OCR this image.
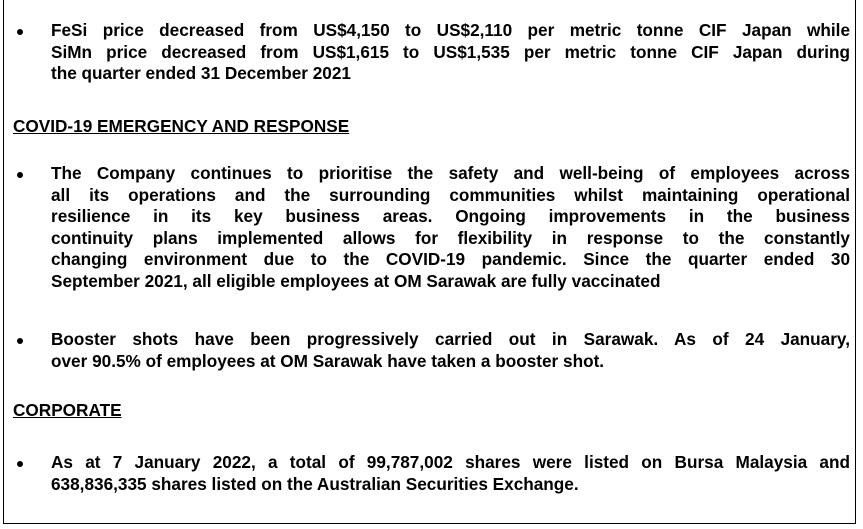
FeSi price decreased from US$4,150 to US$2,110 per metric tonne CIF Japan while
SiMn price decreased from US$1,615 to US$1,535 per metric tonne CIF Japan during
the quarter ended 31 December 2021
COVID-19 EMERGENCY AND RESPONSE
The Company continues to prioritise the safety and well-being of employees across
all its operations and the surrounding communities whilst maintaining operational
resilience in its key business areas. Ongoing improvements in the business
continuity plans implemented allows for flexibility in response to the constantly
changing environment due to the COVID-19 pandemic. Since the quarter ended 30
September 2021, all eligible employees at OM Sarawak are fully vaccinated
Booster shots have been progressively carried out in Sarawak. As of 24 January,
over 90.5% of employees at OM Sarawak have taken a booster shot.
CORPORATE
As at 7 January 2022, a total of 99,787,002 shares were listed on Bursa Malaysia and
638,836,335 shares listed on the Australian Securities Exchange.
